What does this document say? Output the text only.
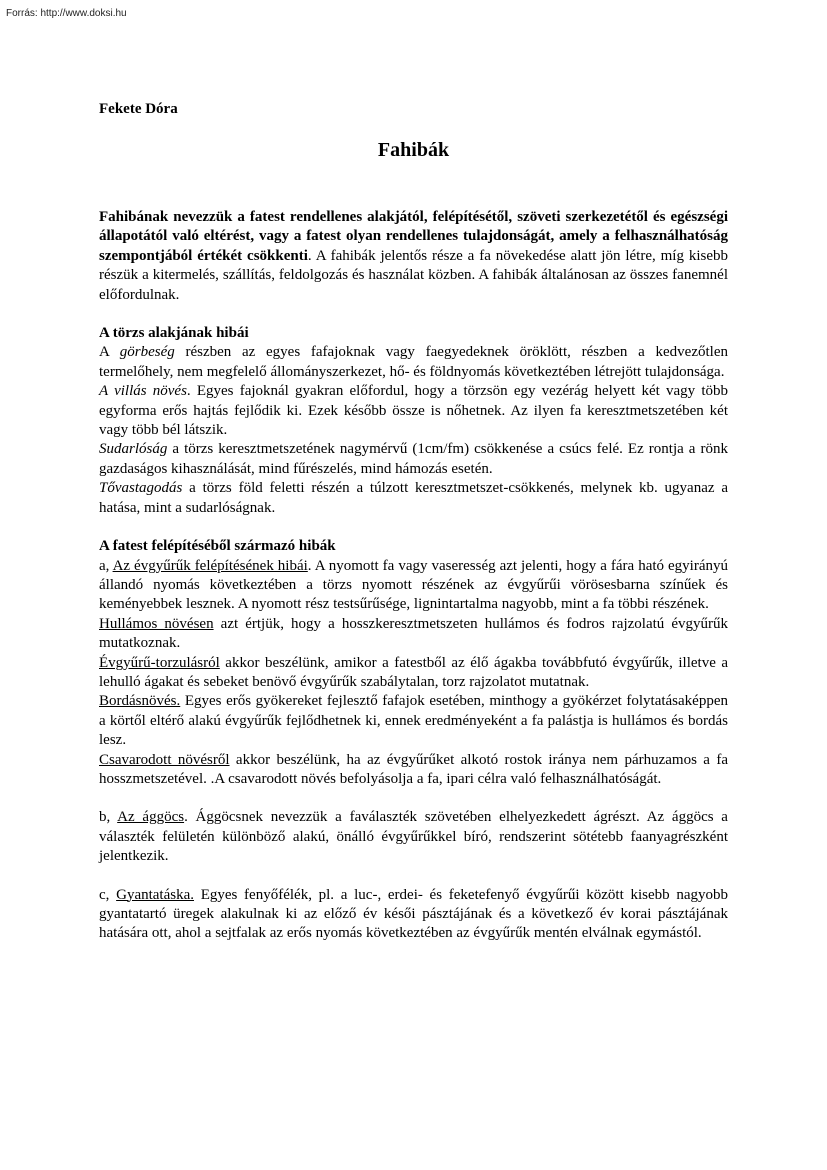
Forrás: http://www.doksi.hu

Fekete Dóra

Fahibák

Fahibának nevezzük a fatest rendellenes alakjától, felépítésétől, szöveti szerkezetétől és egészségi állapotától való eltérést, vagy a fatest olyan rendellenes tulajdonságát, amely a felhasználhatóság szempontjából értékét csökkenti. A fahibák jelentős része a fa növekedése alatt jön létre, míg kisebb részük a kitermelés, szállítás, feldolgozás és használat közben. A fahibák általánosan az összes fanemnél előfordulnak.

A törzs alakjának hibái

A görbeség részben az egyes fafajoknak vagy faegyedeknek öröklött, részben a kedvezőtlen termelőhely, nem megfelelő állományszerkezet, hő- és földnyomás következtében létrejött tulajdonsága.

A villás növés. Egyes fajoknál gyakran előfordul, hogy a törzsön egy vezérág helyett két vagy több egyforma erős hajtás fejlődik ki. Ezek később össze is nőhetnek. Az ilyen fa keresztmetszetében két vagy több bél látszik.

Sudarlóság a törzs keresztmetszetének nagymérvű (1cm/fm) csökkenése a csúcs felé. Ez rontja a rönk gazdaságos kihasználását, mind fűrészelés, mind hámozás esetén.

Tővastagodás a törzs föld feletti részén a túlzott keresztmetszet-csökkenés, melynek kb. ugyanaz a hatása, mint a sudarlóságnak.

A fatest felépítéséből származó hibák

a, Az évgyűrűk felépítésének hibái. A nyomott fa vagy vaseresség azt jelenti, hogy a fára ható egyirányú állandó nyomás következtében a törzs nyomott részének az évgyűrűi vörösesbarna színűek és keményebbek lesznek. A nyomott rész testsűrűsége, lignintartalma nagyobb, mint a fa többi részének.

Hullámos növésen azt értjük, hogy a hosszkeresztmetszeten hullámos és fodros rajzolatú évgyűrűk mutatkoznak.

Évgyűrű-torzulásról akkor beszélünk, amikor a fatestből az élő ágakba továbbfutó évgyűrűk, illetve a lehulló ágakat és sebeket benövő évgyűrűk szabálytalan, torz rajzolatot mutatnak.

Bordásnövés. Egyes erős gyökereket fejlesztő fafajok esetében, minthogy a gyökérzet folytatásaképpen a körtől eltérő alakú évgyűrűk fejlődhetnek ki, ennek eredményeként a fa palástja is hullámos és bordás lesz.

Csavarodott növésről akkor beszélünk, ha az évgyűrűket alkotó rostok iránya nem párhuzamos a fa hosszmetszetével. .A csavarodott növés befolyásolja a fa, ipari célra való felhasználhatóságát.

b, Az ággöcs. Ággöcsnek nevezzük a faválaszték szövetében elhelyezkedett ágrészt. Az ággöcs a választék felületén különböző alakú, önálló évgyűrűkkel bíró, rendszerint sötétebb faanyagrészként jelentkezik.

c, Gyantatáska. Egyes fenyőfélék, pl. a luc-, erdei- és feketefenyő évgyűrűi között kisebb nagyobb gyantatartó üregek alakulnak ki az előző év késői pásztájának és a következő év korai pásztájának hatására ott, ahol a sejtfalak az erős nyomás következtében az évgyűrűk mentén elválnak egymástól.
